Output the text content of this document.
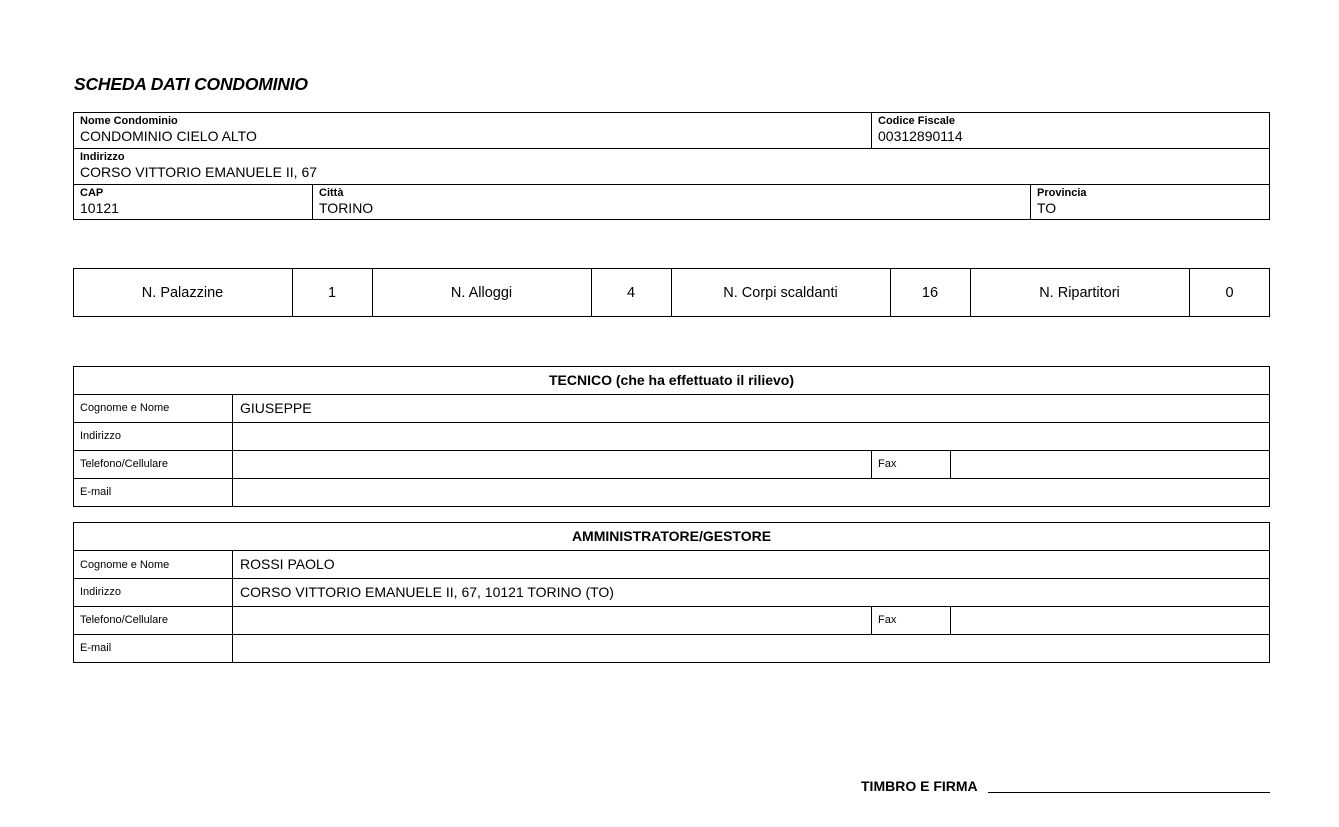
SCHEDA DATI CONDOMINIO
Nome Condominio
CONDOMINIO CIELO ALTO
Codice Fiscale
00312890114
Indirizzo
CORSO VITTORIO EMANUELE II, 67
CAP
10121
Città
TORINO
Provincia
TO
N. Palazzine	1	N. Alloggi	4	N. Corpi scaldanti	16	N. Ripartitori	0
TECNICO (che ha effettuato il rilievo)
Cognome e Nome	GIUSEPPE
Indirizzo
Telefono/Cellulare	Fax
E-mail
AMMINISTRATORE/GESTORE
Cognome e Nome	ROSSI PAOLO
Indirizzo	CORSO VITTORIO EMANUELE II, 67, 10121 TORINO (TO)
Telefono/Cellulare	Fax
E-mail
TIMBRO E FIRMA
